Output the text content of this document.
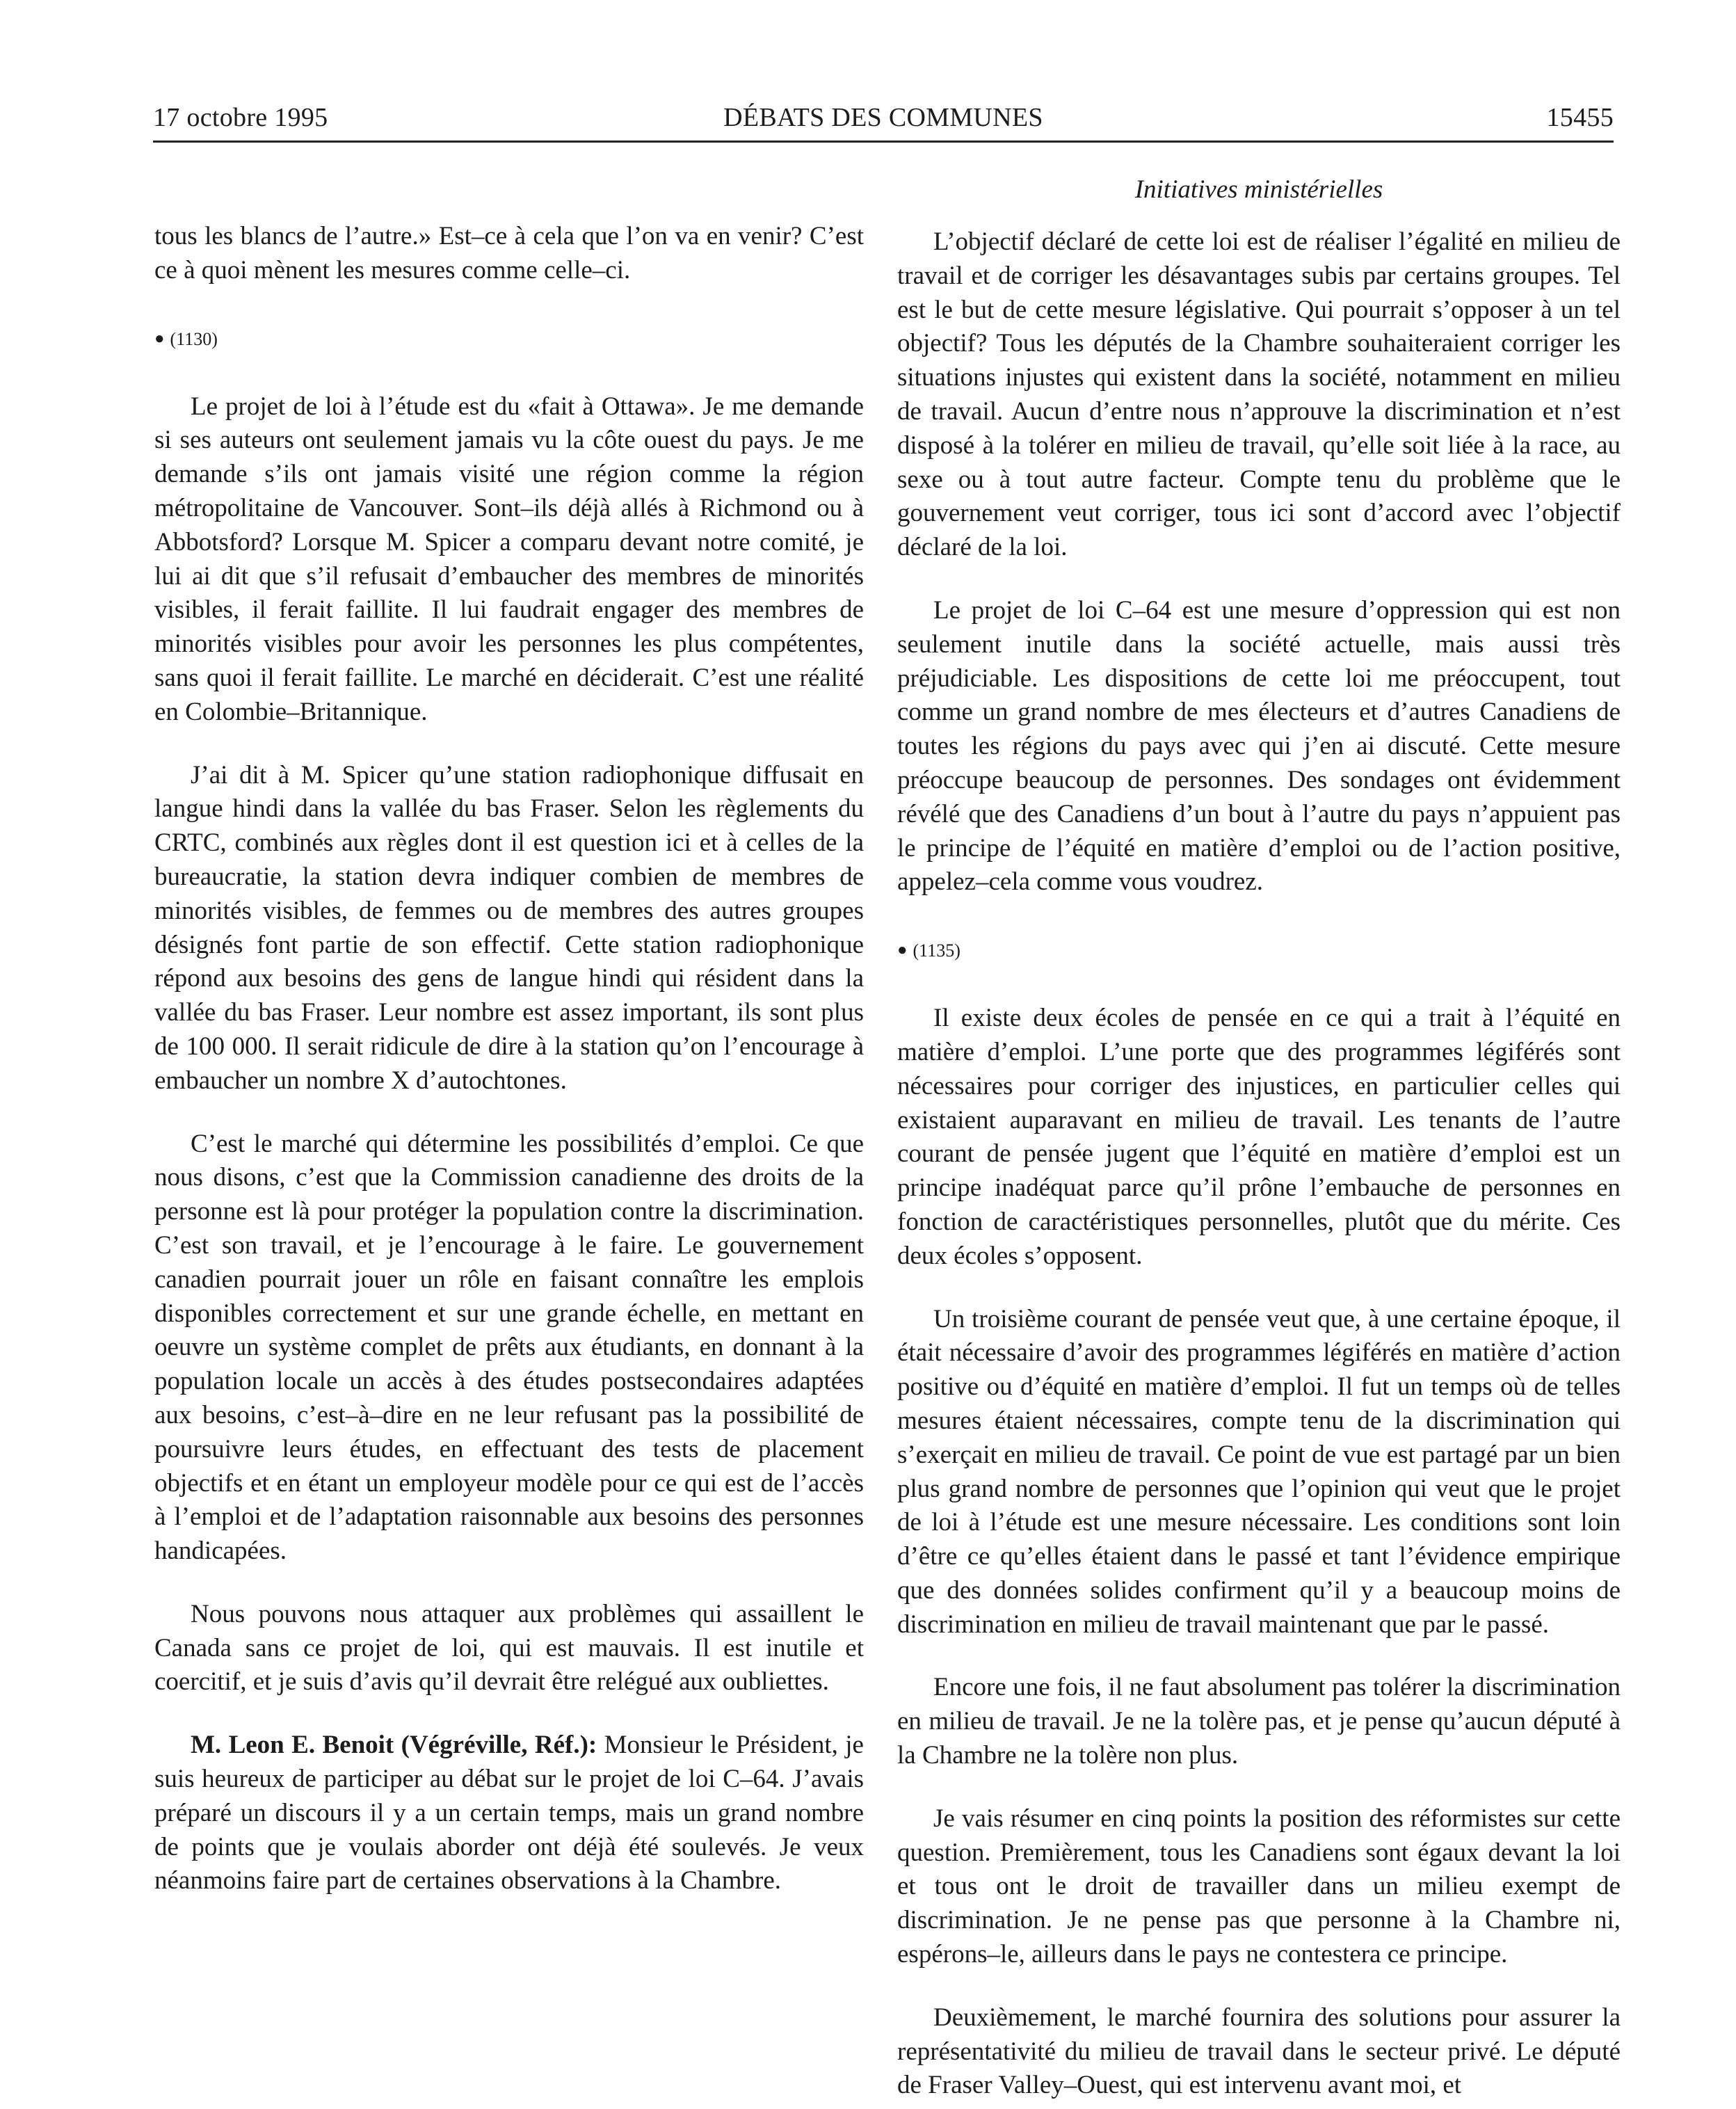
17 octobre 1995	DÉBATS DES COMMUNES	15455
Initiatives ministérielles

tous les blancs de l’autre.» Est–ce à cela que l’on va en venir? C’est ce à quoi mènent les mesures comme celle–ci.

● (1130)

Le projet de loi à l’étude est du «fait à Ottawa». Je me demande si ses auteurs ont seulement jamais vu la côte ouest du pays. Je me demande s’ils ont jamais visité une région comme la région métropolitaine de Vancouver. Sont–ils déjà allés à Richmond ou à Abbotsford? Lorsque M. Spicer a comparu devant notre comité, je lui ai dit que s’il refusait d’embaucher des membres de minorités visibles, il ferait faillite. Il lui faudrait engager des membres de minorités visibles pour avoir les personnes les plus compétentes, sans quoi il ferait faillite. Le marché en déciderait. C’est une réalité en Colombie–Britannique.

J’ai dit à M. Spicer qu’une station radiophonique diffusait en langue hindi dans la vallée du bas Fraser. Selon les règlements du CRTC, combinés aux règles dont il est question ici et à celles de la bureaucratie, la station devra indiquer combien de membres de minorités visibles, de femmes ou de membres des autres groupes désignés font partie de son effectif. Cette station radiophonique répond aux besoins des gens de langue hindi qui résident dans la vallée du bas Fraser. Leur nombre est assez important, ils sont plus de 100 000. Il serait ridicule de dire à la station qu’on l’encourage à embaucher un nombre X d’autochtones.

C’est le marché qui détermine les possibilités d’emploi. Ce que nous disons, c’est que la Commission canadienne des droits de la personne est là pour protéger la population contre la discrimination. C’est son travail, et je l’encourage à le faire. Le gouvernement canadien pourrait jouer un rôle en faisant connaître les emplois disponibles correctement et sur une grande échelle, en mettant en oeuvre un système complet de prêts aux étudiants, en donnant à la population locale un accès à des études postsecondaires adaptées aux besoins, c’est–à–dire en ne leur refusant pas la possibilité de poursuivre leurs études, en effectuant des tests de placement objectifs et en étant un employeur modèle pour ce qui est de l’accès à l’emploi et de l’adaptation raisonnable aux besoins des personnes handicapées.

Nous pouvons nous attaquer aux problèmes qui assaillent le Canada sans ce projet de loi, qui est mauvais. Il est inutile et coercitif, et je suis d’avis qu’il devrait être relégué aux oubliettes.

M. Leon E. Benoit (Végréville, Réf.): Monsieur le Président, je suis heureux de participer au débat sur le projet de loi C–64. J’avais préparé un discours il y a un certain temps, mais un grand nombre de points que je voulais aborder ont déjà été soulevés. Je veux néanmoins faire part de certaines observations à la Chambre.

L’objectif déclaré de cette loi est de réaliser l’égalité en milieu de travail et de corriger les désavantages subis par certains groupes. Tel est le but de cette mesure législative. Qui pourrait s’opposer à un tel objectif? Tous les députés de la Chambre souhaiteraient corriger les situations injustes qui existent dans la société, notamment en milieu de travail. Aucun d’entre nous n’approuve la discrimination et n’est disposé à la tolérer en milieu de travail, qu’elle soit liée à la race, au sexe ou à tout autre facteur. Compte tenu du problème que le gouvernement veut corriger, tous ici sont d’accord avec l’objectif déclaré de la loi.

Le projet de loi C–64 est une mesure d’oppression qui est non seulement inutile dans la société actuelle, mais aussi très préjudiciable. Les dispositions de cette loi me préoccupent, tout comme un grand nombre de mes électeurs et d’autres Canadiens de toutes les régions du pays avec qui j’en ai discuté. Cette mesure préoccupe beaucoup de personnes. Des sondages ont évidemment révélé que des Canadiens d’un bout à l’autre du pays n’appuient pas le principe de l’équité en matière d’emploi ou de l’action positive, appelez–cela comme vous voudrez.

● (1135)

Il existe deux écoles de pensée en ce qui a trait à l’équité en matière d’emploi. L’une porte que des programmes légiférés sont nécessaires pour corriger des injustices, en particulier celles qui existaient auparavant en milieu de travail. Les tenants de l’autre courant de pensée jugent que l’équité en matière d’emploi est un principe inadéquat parce qu’il prône l’embauche de personnes en fonction de caractéristiques personnelles, plutôt que du mérite. Ces deux écoles s’opposent.

Un troisième courant de pensée veut que, à une certaine époque, il était nécessaire d’avoir des programmes légiférés en matière d’action positive ou d’équité en matière d’emploi. Il fut un temps où de telles mesures étaient nécessaires, compte tenu de la discrimination qui s’exerçait en milieu de travail. Ce point de vue est partagé par un bien plus grand nombre de personnes que l’opinion qui veut que le projet de loi à l’étude est une mesure nécessaire. Les conditions sont loin d’être ce qu’elles étaient dans le passé et tant l’évidence empirique que des données solides confirment qu’il y a beaucoup moins de discrimination en milieu de travail maintenant que par le passé.

Encore une fois, il ne faut absolument pas tolérer la discrimination en milieu de travail. Je ne la tolère pas, et je pense qu’aucun député à la Chambre ne la tolère non plus.

Je vais résumer en cinq points la position des réformistes sur cette question. Premièrement, tous les Canadiens sont égaux devant la loi et tous ont le droit de travailler dans un milieu exempt de discrimination. Je ne pense pas que personne à la Chambre ni, espérons–le, ailleurs dans le pays ne contestera ce principe.

Deuxièmement, le marché fournira des solutions pour assurer la représentativité du milieu de travail dans le secteur privé. Le député de Fraser Valley–Ouest, qui est intervenu avant moi, et
